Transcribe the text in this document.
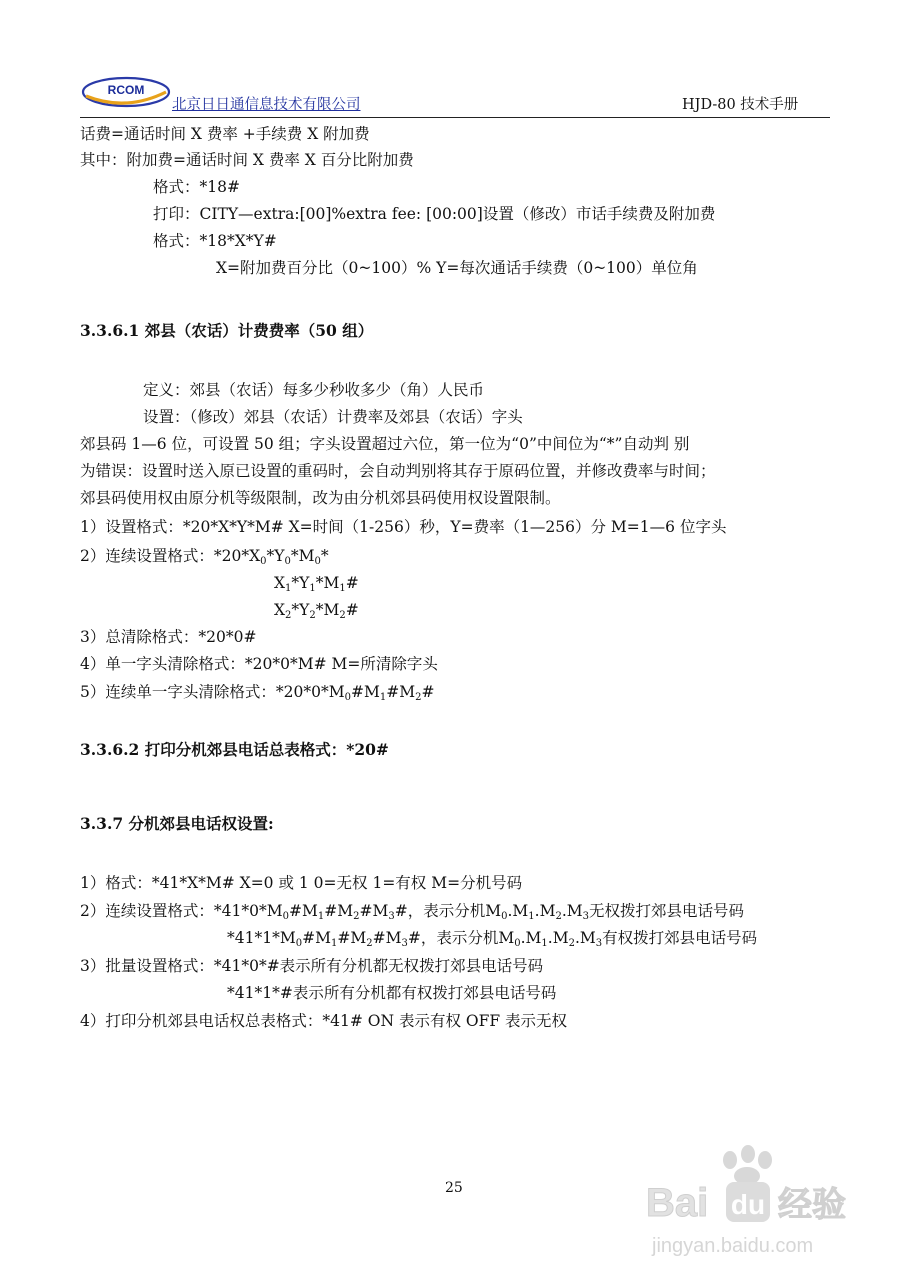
RCOM
北京日日通信息技术有限公司	HJD-80 技术手册
话费=通话时间 X 费率 +手续费 X 附加费
其中：附加费=通话时间 X 费率 X 百分比附加费
格式：*18#
打印：CITY—extra:[00]%extra fee: [00:00]设置（修改）市话手续费及附加费
格式：*18*X*Y#
X=附加费百分比（0~100）% Y=每次通话手续费（0~100）单位角
3.3.6.1 郊县（农话）计费费率（50 组）
定义：郊县（农话）每多少秒收多少（角）人民币
设置：（修改）郊县（农话）计费率及郊县（农话）字头
郊县码 1—6 位，可设置 50 组；字头设置超过六位，第一位为“0”中间位为“*”自动判 别
为错误：设置时送入原已设置的重码时，会自动判别将其存于原码位置，并修改费率与时间；
郊县码使用权由原分机等级限制，改为由分机郊县码使用权设置限制。
1）设置格式：*20*X*Y*M# X=时间（1-256）秒，Y=费率（1—256）分 M=1—6 位字头
2）连续设置格式：$*20*X_0*Y_0*M_0*$
$X_1*Y_1*M_1\#$
$X_2*Y_2*M_2\#$
3）总清除格式：*20*0#
4）单一字头清除格式：*20*0*M# M=所清除字头
5）连续单一字头清除格式：$*20*0*M_0\#M_1\#M_2\#$
3.3.6.2 打印分机郊县电话总表格式：*20#
3.3.7 分机郊县电话权设置:
1）格式：*41*X*M# X=0 或 1 0=无权 1=有权 M=分机号码
2）连续设置格式：$*41*0*M_0\#M_1\#M_2\#M_3\#$，表示分机$M_0.M_1.M_2.M_3$无权拨打郊县电话号码
$*41*1*M_0\#M_1\#M_2\#M_3\#$，表示分机$M_0.M_1.M_2.M_3$有权拨打郊县电话号码
3）批量设置格式：*41*0*#表示所有分机都无权拨打郊县电话号码
*41*1*#表示所有分机都有权拨打郊县电话号码
4）打印分机郊县电话权总表格式：*41# ON 表示有权 OFF 表示无权
25	Bai du 经验
jingyan.baidu.com
